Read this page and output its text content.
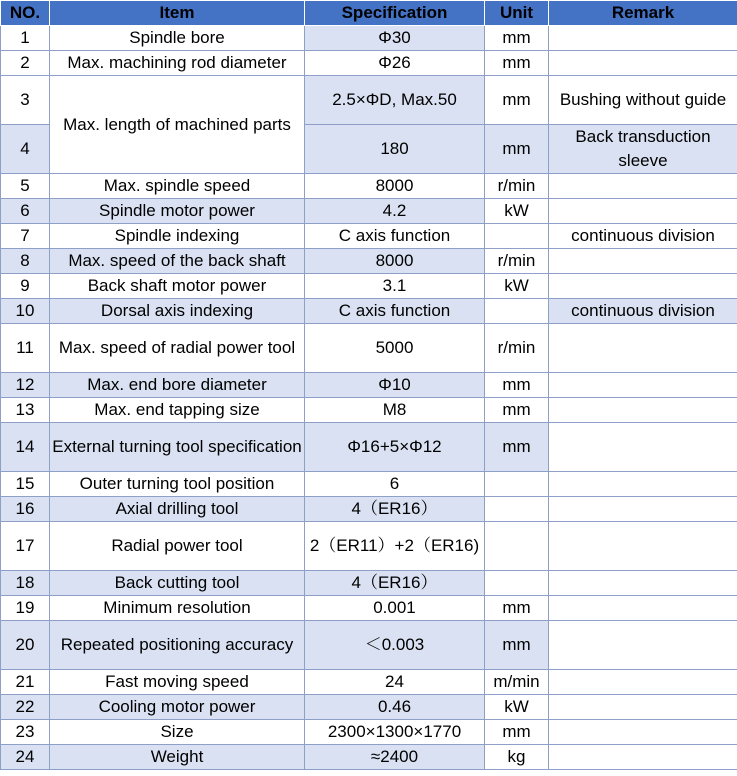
NO.	Item	Specification	Unit	Remark
1	Spindle bore	Φ30	mm	
2	Max. machining rod diameter	Φ26	mm	
3	Max. length of machined parts	2.5×ΦD, Max.50	mm	Bushing without guide
4		180	mm	Back transduction sleeve
5	Max. spindle speed	8000	r/min	
6	Spindle motor power	4.2	kW	
7	Spindle indexing	C axis function		continuous division
8	Max. speed of the back shaft	8000	r/min	
9	Back shaft motor power	3.1	kW	
10	Dorsal axis indexing	C axis function		continuous division
11	Max. speed of radial power tool	5000	r/min	
12	Max. end bore diameter	Φ10	mm	
13	Max. end tapping size	M8	mm	
14	External turning tool specification	Φ16+5×Φ12	mm	
15	Outer turning tool position	6		
16	Axial drilling tool	4（ER16）		
17	Radial power tool	2（ER11）+2（ER16)		
18	Back cutting tool	4（ER16）		
19	Minimum resolution	0.001	mm	
20	Repeated positioning accuracy	＜0.003	mm	
21	Fast moving speed	24	m/min	
22	Cooling motor power	0.46	kW	
23	Size	2300×1300×1770	mm	
24	Weight	≈2400	kg	
